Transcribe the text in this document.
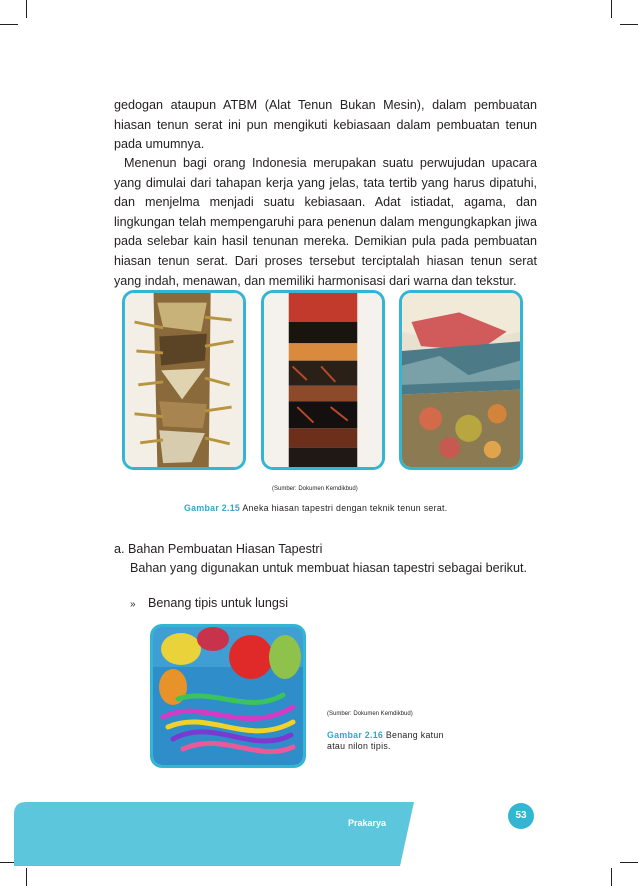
gedogan ataupun ATBM (Alat Tenun Bukan Mesin), dalam pembuatan hiasan tenun serat ini pun mengikuti kebiasaan dalam pembuatan tenun pada umumnya.

Menenun bagi orang Indonesia merupakan suatu perwujudan upacara yang dimulai dari tahapan kerja yang jelas, tata tertib yang harus dipatuhi, dan menjelma menjadi suatu kebiasaan. Adat istiadat, agama, dan lingkungan telah mempengaruhi para penenun dalam mengungkapkan jiwa pada selebar kain hasil tenunan mereka. Demikian pula pada pembuatan hiasan tenun serat. Dari proses tersebut terciptalah hiasan tenun serat yang indah, menawan, dan memiliki harmonisasi dari warna dan tekstur.

(Sumber: Dokumen Kemdikbud)
Gambar 2.15 Aneka hiasan tapestri dengan teknik tenun serat.
a. Bahan Pembuatan Hiasan Tapestri
Bahan yang digunakan untuk membuat hiasan tapestri sebagai berikut.
» Benang tipis untuk lungsi
(Sumber: Dokumen Kemdikbud)
Gambar 2.16 Benang katun atau nilon tipis.
Prakarya
53
